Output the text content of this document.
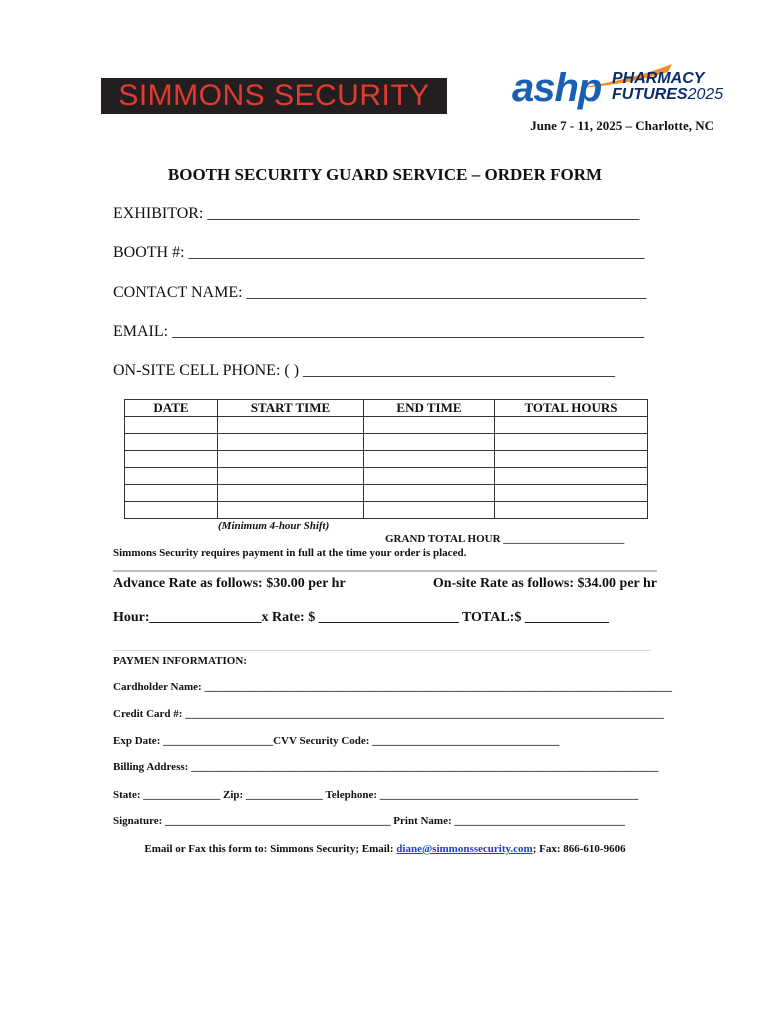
SIMMONS SECURITY ashp PHARMACY
FUTURES2025
June 7 - 11, 2025 – Charlotte, NC
BOOTH SECURITY GUARD SERVICE – ORDER FORM
EXHIBITOR: ______________________________________________________
BOOTH #: _________________________________________________________
CONTACT NAME: __________________________________________________
EMAIL: ___________________________________________________________
ON-SITE CELL PHONE: ( ) _______________________________________
DATE	START TIME	END TIME	TOTAL HOURS

(Minimum 4-hour Shift)
GRAND TOTAL HOUR ______________________
Simmons Security requires payment in full at the time your order is placed.
Advance Rate as follows: $30.00 per hr	On-site Rate as follows: $34.00 per hr
Hour:________________x Rate: $ ____________________ TOTAL:$ ____________
PAYMEN INFORMATION:
Cardholder Name: _____________________________________________________________________________________
Credit Card #: _______________________________________________________________________________________
Exp Date: ____________________CVV Security Code: __________________________________
Billing Address: _____________________________________________________________________________________
State: ______________ Zip: ______________ Telephone: _______________________________________________
Signature: _________________________________________ Print Name: _______________________________
Email or Fax this form to: Simmons Security; Email: diane@simmonssecurity.com; Fax: 866-610-9606
